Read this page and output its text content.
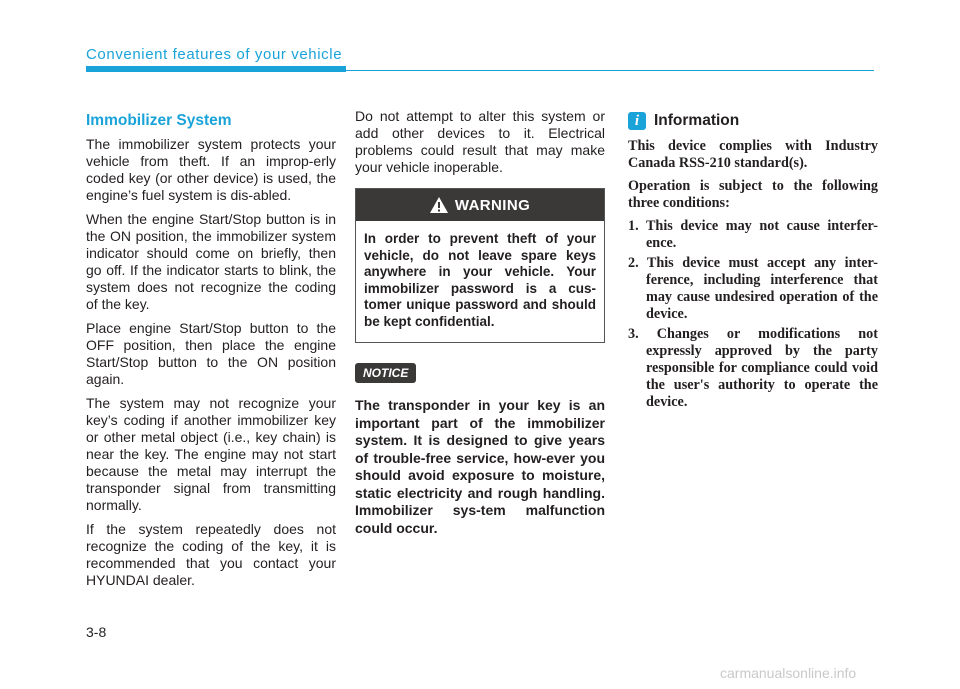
Convenient features of your vehicle
Immobilizer System

The immobilizer system protects your vehicle from theft. If an improp-erly coded key (or other device) is used, the engine’s fuel system is dis-abled.

When the engine Start/Stop button is in the ON position, the immobilizer system indicator should come on briefly, then go off. If the indicator starts to blink, the system does not recognize the coding of the key.

Place engine Start/Stop button to the OFF position, then place the engine Start/Stop button to the ON position again.

The system may not recognize your key’s coding if another immobilizer key or other metal object (i.e., key chain) is near the key. The engine may not start because the metal may interrupt the transponder signal from transmitting normally.

If the system repeatedly does not recognize the coding of the key, it is recommended that you contact your HYUNDAI dealer.

Do not attempt to alter this system or add other devices to it. Electrical problems could result that may make your vehicle inoperable.

WARNING
In order to prevent theft of your vehicle, do not leave spare keys anywhere in your vehicle. Your immobilizer password is a cus-tomer unique password and should be kept confidential.
NOTICE

The transponder in your key is an important part of the immobilizer system. It is designed to give years of trouble-free service, how-ever you should avoid exposure to moisture, static electricity and rough handling. Immobilizer sys-tem malfunction could occur.

i Information

This device complies with Industry Canada RSS-210 standard(s).

Operation is subject to the following three conditions:

1. This device may not cause interfer-ence.
2. This device must accept any inter-ference, including interference that may cause undesired operation of the device.
3. Changes or modifications not expressly approved by the party responsible for compliance could void the user's authority to operate the device.
3-8
carmanualsonline.info
